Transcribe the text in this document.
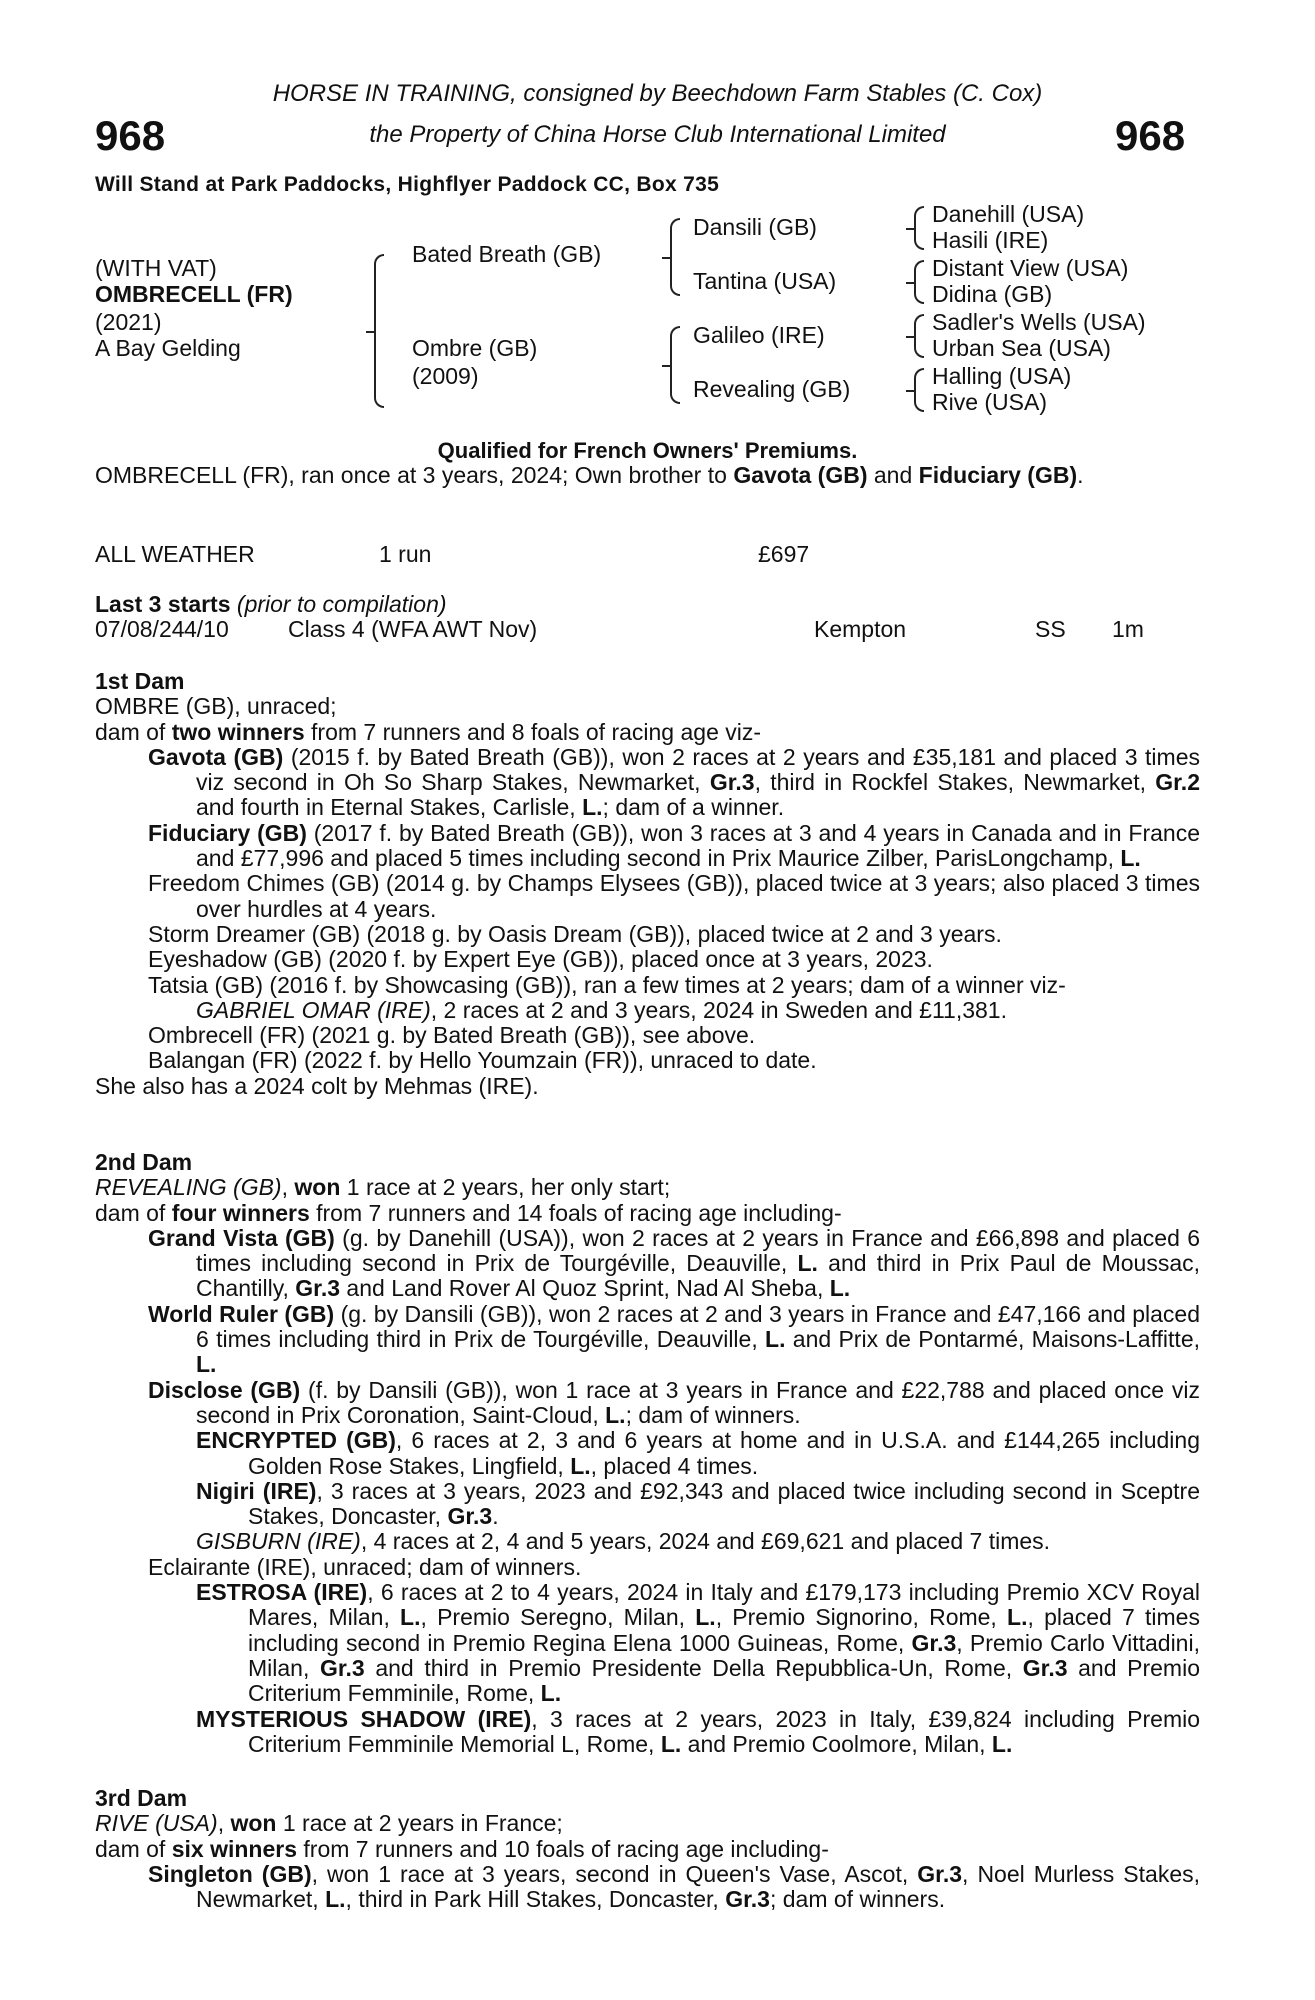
HORSE IN TRAINING, consigned by Beechdown Farm Stables (C. Cox)
the Property of China Horse Club International Limited
968	968
Will Stand at Park Paddocks, Highflyer Paddock CC, Box 735
(WITH VAT)
OMBRECELL (FR)
(2021)
A Bay Gelding
Bated Breath (GB)
Ombre (GB)
(2009)
Dansili (GB)
Tantina (USA)
Galileo (IRE)
Revealing (GB)
Danehill (USA)
Hasili (IRE)
Distant View (USA)
Didina (GB)
Sadler's Wells (USA)
Urban Sea (USA)
Halling (USA)
Rive (USA)
Qualified for French Owners' Premiums.
OMBRECELL (FR), ran once at 3 years, 2024; Own brother to Gavota (GB) and Fiduciary (GB).
ALL WEATHER	1 run	£697
Last 3 starts (prior to compilation)
07/08/24 4/10	Class 4 (WFA AWT Nov)	Kempton	SS 1m
1st Dam
OMBRE (GB), unraced;
dam of two winners from 7 runners and 8 foals of racing age viz-
Gavota (GB) (2015 f. by Bated Breath (GB)), won 2 races at 2 years and £35,181 and placed 3 times viz second in Oh So Sharp Stakes, Newmarket, Gr.3, third in Rockfel Stakes, Newmarket, Gr.2 and fourth in Eternal Stakes, Carlisle, L.; dam of a winner.
Fiduciary (GB) (2017 f. by Bated Breath (GB)), won 3 races at 3 and 4 years in Canada and in France and £77,996 and placed 5 times including second in Prix Maurice Zilber, ParisLongchamp, L.
Freedom Chimes (GB) (2014 g. by Champs Elysees (GB)), placed twice at 3 years; also placed 3 times over hurdles at 4 years.
Storm Dreamer (GB) (2018 g. by Oasis Dream (GB)), placed twice at 2 and 3 years.
Eyeshadow (GB) (2020 f. by Expert Eye (GB)), placed once at 3 years, 2023.
Tatsia (GB) (2016 f. by Showcasing (GB)), ran a few times at 2 years; dam of a winner viz-
GABRIEL OMAR (IRE), 2 races at 2 and 3 years, 2024 in Sweden and £11,381.
Ombrecell (FR) (2021 g. by Bated Breath (GB)), see above.
Balangan (FR) (2022 f. by Hello Youmzain (FR)), unraced to date.
She also has a 2024 colt by Mehmas (IRE).
2nd Dam
REVEALING (GB), won 1 race at 2 years, her only start;
dam of four winners from 7 runners and 14 foals of racing age including-
Grand Vista (GB) (g. by Danehill (USA)), won 2 races at 2 years in France and £66,898 and placed 6 times including second in Prix de Tourgéville, Deauville, L. and third in Prix Paul de Moussac, Chantilly, Gr.3 and Land Rover Al Quoz Sprint, Nad Al Sheba, L.
World Ruler (GB) (g. by Dansili (GB)), won 2 races at 2 and 3 years in France and £47,166 and placed 6 times including third in Prix de Tourgéville, Deauville, L. and Prix de Pontarmé, Maisons-Laffitte, L.
Disclose (GB) (f. by Dansili (GB)), won 1 race at 3 years in France and £22,788 and placed once viz second in Prix Coronation, Saint-Cloud, L.; dam of winners.
ENCRYPTED (GB), 6 races at 2, 3 and 6 years at home and in U.S.A. and £144,265 including Golden Rose Stakes, Lingfield, L., placed 4 times.
Nigiri (IRE), 3 races at 3 years, 2023 and £92,343 and placed twice including second in Sceptre Stakes, Doncaster, Gr.3.
GISBURN (IRE), 4 races at 2, 4 and 5 years, 2024 and £69,621 and placed 7 times.
Eclairante (IRE), unraced; dam of winners.
ESTROSA (IRE), 6 races at 2 to 4 years, 2024 in Italy and £179,173 including Premio XCV Royal Mares, Milan, L., Premio Seregno, Milan, L., Premio Signorino, Rome, L., placed 7 times including second in Premio Regina Elena 1000 Guineas, Rome, Gr.3, Premio Carlo Vittadini, Milan, Gr.3 and third in Premio Presidente Della Repubblica-Un, Rome, Gr.3 and Premio Criterium Femminile, Rome, L.
MYSTERIOUS SHADOW (IRE), 3 races at 2 years, 2023 in Italy, £39,824 including Premio Criterium Femminile Memorial L, Rome, L. and Premio Coolmore, Milan, L.
3rd Dam
RIVE (USA), won 1 race at 2 years in France;
dam of six winners from 7 runners and 10 foals of racing age including-
Singleton (GB), won 1 race at 3 years, second in Queen's Vase, Ascot, Gr.3, Noel Murless Stakes, Newmarket, L., third in Park Hill Stakes, Doncaster, Gr.3; dam of winners.
